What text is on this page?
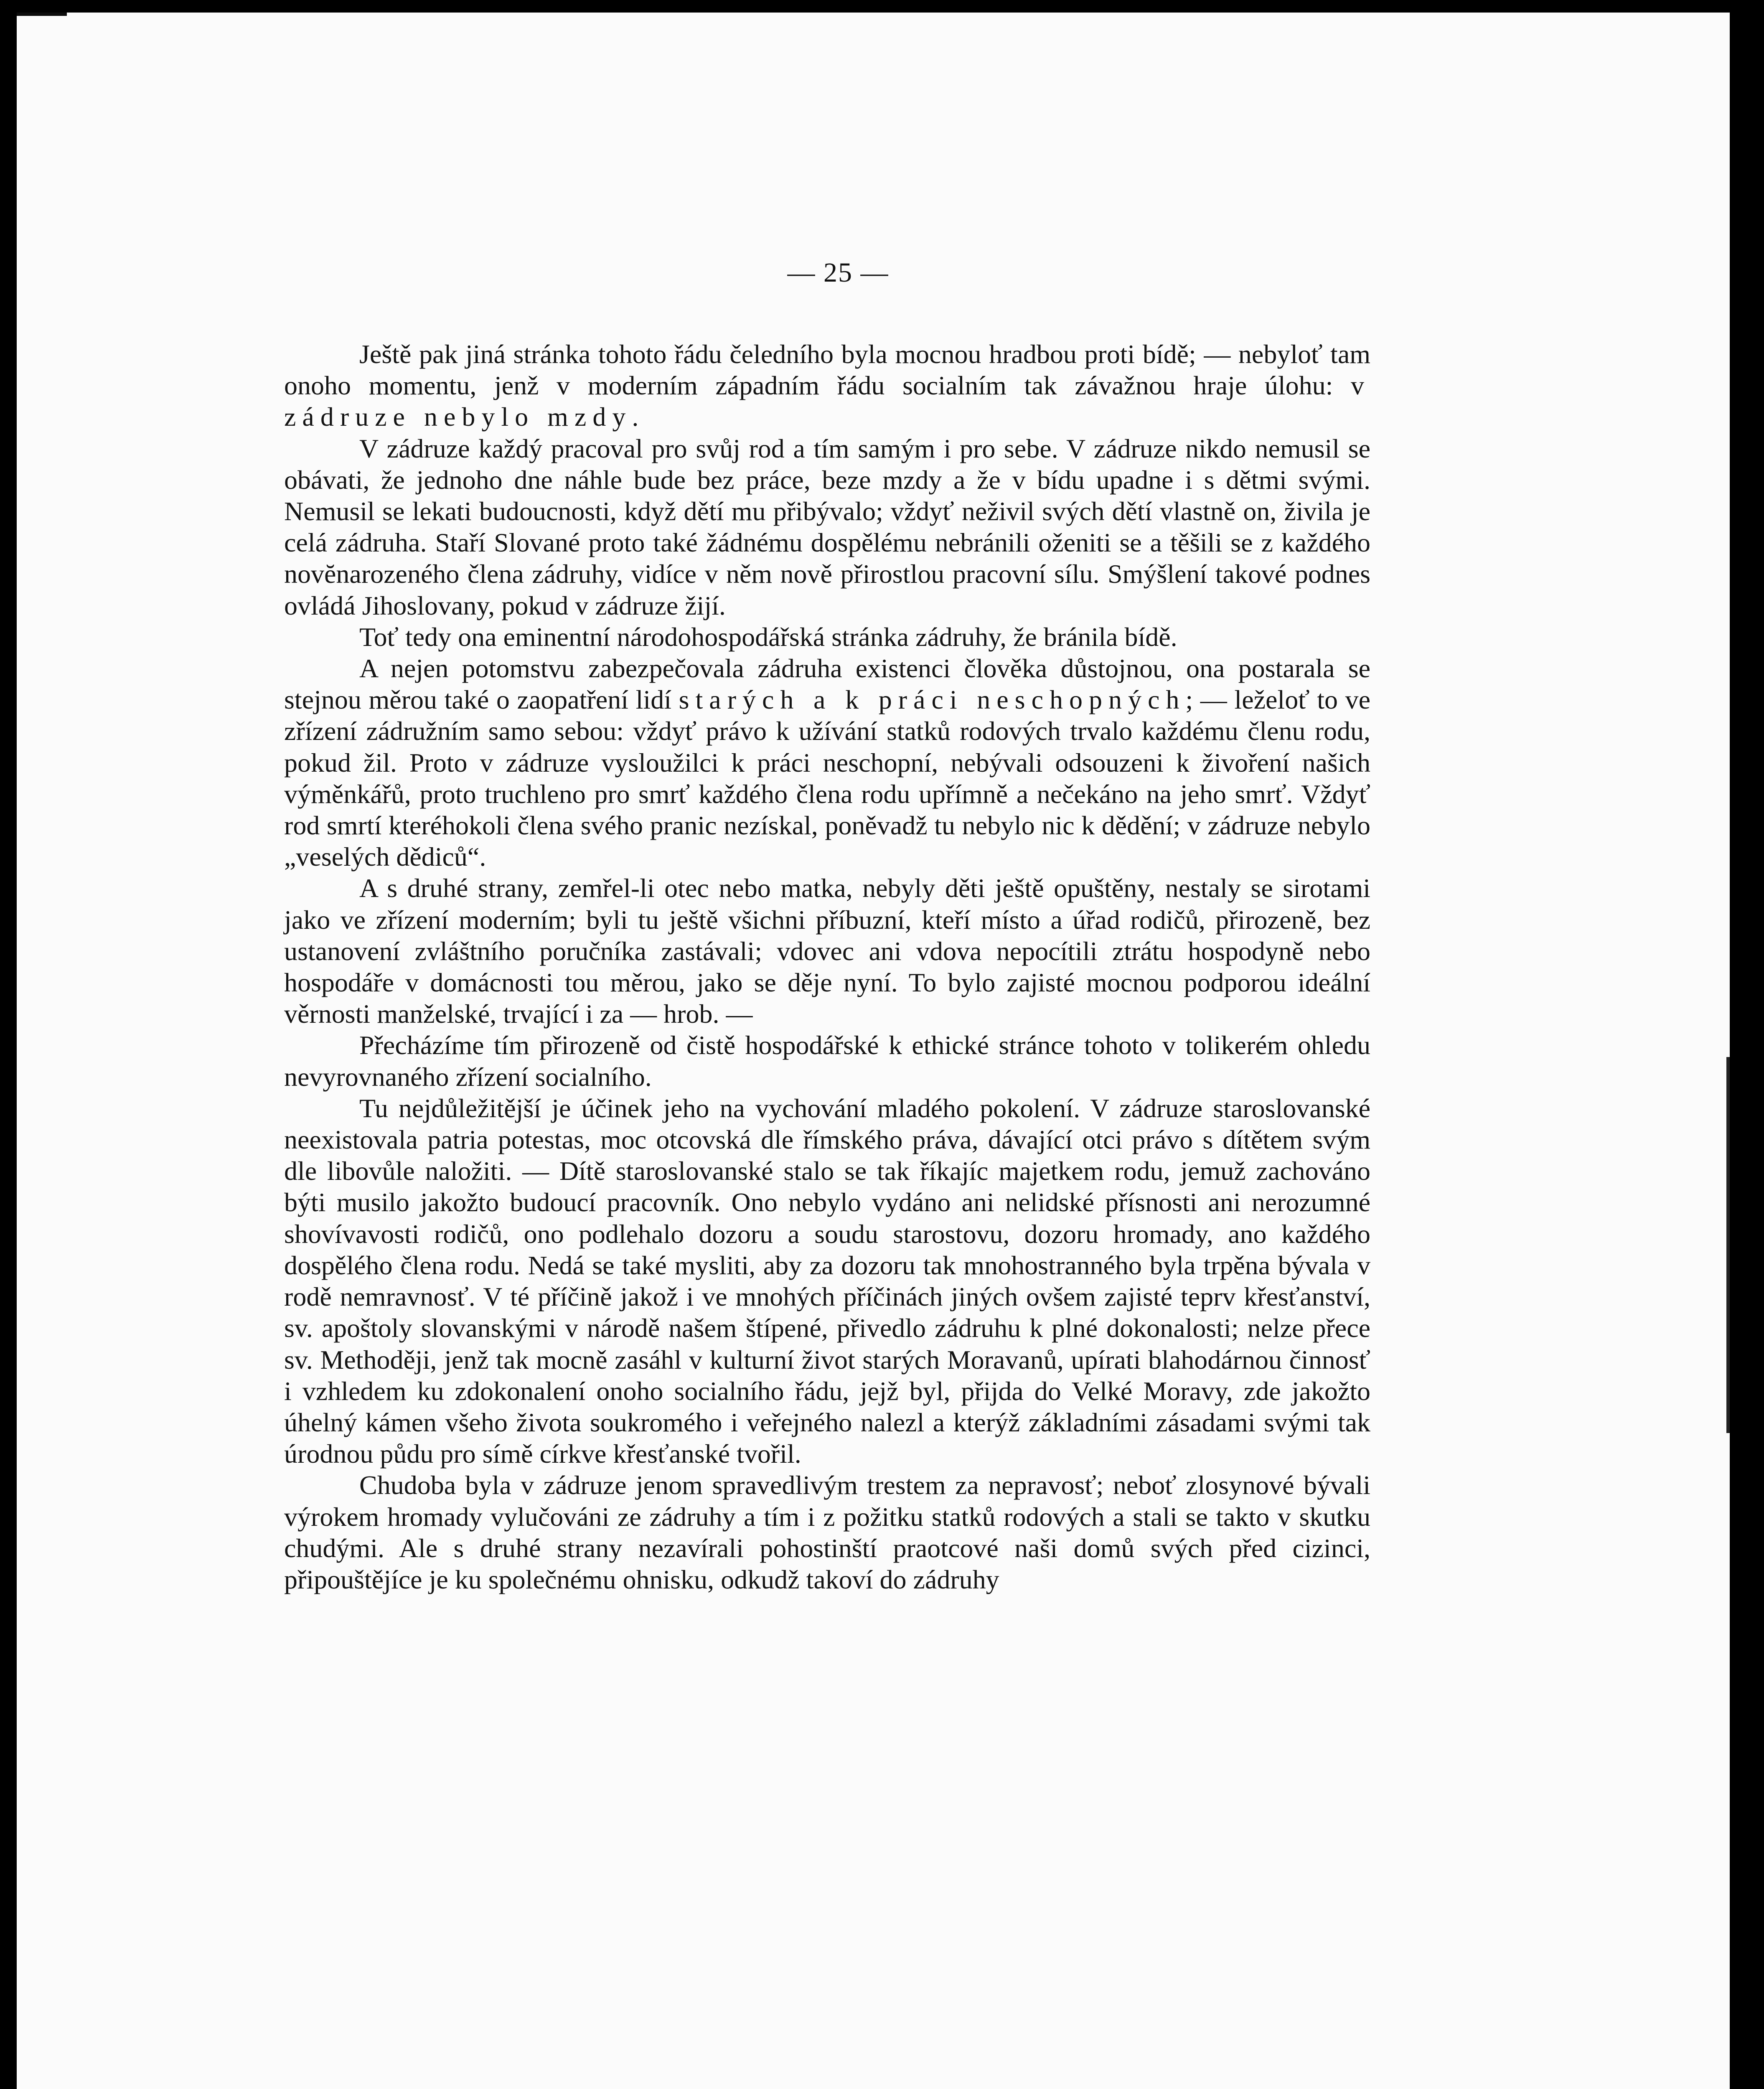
— 25 —

Ještě pak jiná stránka tohoto řádu čeledního byla mocnou hradbou proti bídě; — nebyloť tam onoho momentu, jenž v moderním západním řádu socialním tak závažnou hraje úlohu: v zádruze nebylo mzdy.

V zádruze každý pracoval pro svůj rod a tím samým i pro sebe. V zádruze nikdo nemusil se obávati, že jednoho dne náhle bude bez práce, beze mzdy a že v bídu upadne i s dětmi svými. Nemusil se lekati budoucnosti, když dětí mu přibývalo; vždyť neživil svých dětí vlastně on, živila je celá zádruha. Staří Slované proto také žádnému dospělému nebránili oženiti se a těšili se z každého novĕnarozeného člena zádruhy, vidíce v něm nově přirostlou pracovní sílu. Smýšlení takové podnes ovládá Jihoslovany, pokud v zádruze žijí.

Toť tedy ona eminentní národohospodářská stránka zádruhy, že bránila bídě.

A nejen potomstvu zabezpečovala zádruha existenci člověka důstojnou, ona postarala se stejnou měrou také o zaopatření lidí starých a k práci neschopných; — leželoť to ve zřízení zádružním samo sebou: vždyť právo k užívání statků rodových trvalo každému členu rodu, pokud žil. Proto v zádruze vysloužilci k práci neschopní, nebývali odsouzeni k živoření našich výměnkářů, proto truchleno pro smrť každého člena rodu upřímně a nečekáno na jeho smrť. Vždyť rod smrtí kteréhokoli člena svého pranic nezískal, poněvadž tu nebylo nic k dědění; v zádruze nebylo „veselých dědiců“.

A s druhé strany, zemřel-li otec nebo matka, nebyly děti ještě opuštěny, nestaly se sirotami jako ve zřízení moderním; byli tu ještě všichni příbuzní, kteří místo a úřad rodičů, přirozeně, bez ustanovení zvláštního poručníka zastávali; vdovec ani vdova nepocítili ztrátu hospodyně nebo hospodáře v domácnosti tou měrou, jako se děje nyní. To bylo zajisté mocnou podporou ideální věrnosti manželské, trvající i za — hrob. —

Přecházíme tím přirozeně od čistě hospodářské k ethické stránce tohoto v tolikerém ohledu nevyrovnaného zřízení socialního.

Tu nejdůležitější je účinek jeho na vychování mladého pokolení. V zádruze staroslovanské neexistovala patria potestas, moc otcovská dle římského práva, dávající otci právo s dítětem svým dle libovůle naložiti. — Dítě staroslovanské stalo se tak říkajíc majetkem rodu, jemuž zachováno býti musilo jakožto budoucí pracovník. Ono nebylo vydáno ani nelidské přísnosti ani nerozumné shovívavosti rodičů, ono podlehalo dozoru a soudu starostovu, dozoru hromady, ano každého dospělého člena rodu. Nedá se také mysliti, aby za dozoru tak mnohostranného byla trpěna bývala v rodě nemravnosť. V té příčině jakož i ve mnohých příčinách jiných ovšem zajisté teprv křesťanství, sv. apoštoly slovanskými v národě našem štípené, přivedlo zádruhu k plné dokonalosti; nelze přece sv. Methoději, jenž tak mocně zasáhl v kulturní život starých Moravanů, upírati blahodárnou činnosť i vzhledem ku zdokonalení onoho socialního řádu, jejž byl, přijda do Velké Moravy, zde jakožto úhelný kámen všeho života soukromého i veřejného nalezl a kterýž základními zásadami svými tak úrodnou půdu pro símě církve křesťanské tvořil.

Chudoba byla v zádruze jenom spravedlivým trestem za nepravosť; neboť zlosynové bývali výrokem hromady vylučováni ze zádruhy a tím i z požitku statků rodových a stali se takto v skutku chudými. Ale s druhé strany nezavírali pohostinští praotcové naši domů svých před cizinci, připouštějíce je ku společnému ohnisku, odkudž takoví do zádruhy
